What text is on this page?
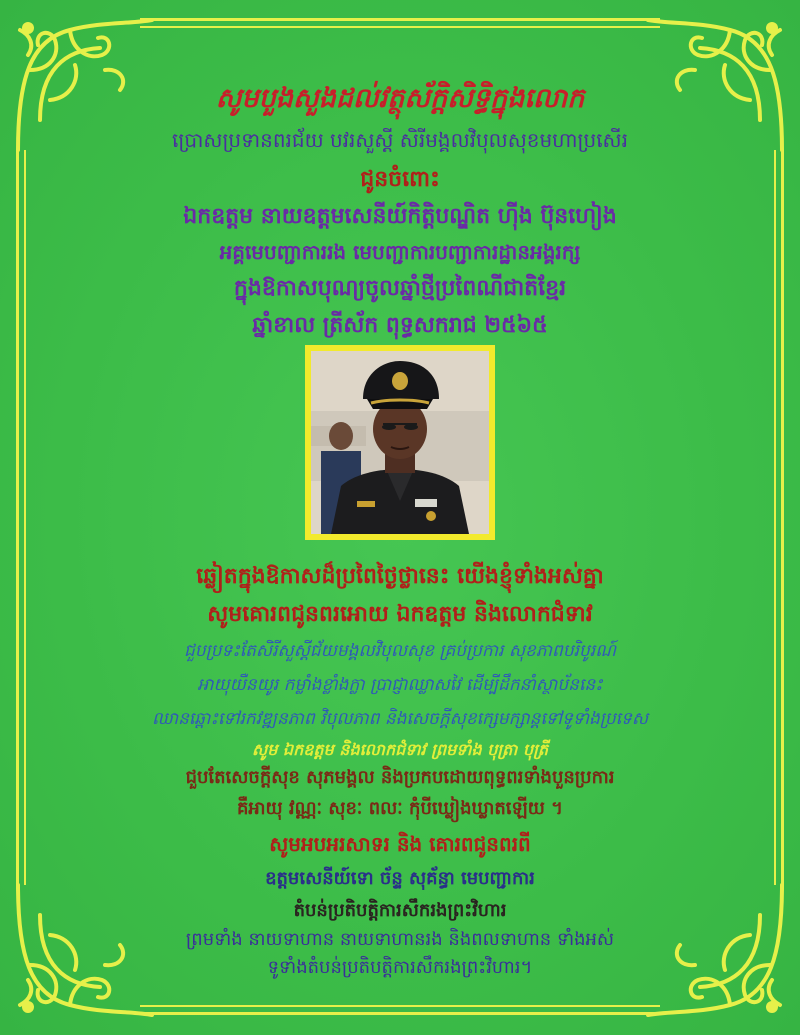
សូមបួងសួងដល់វត្ថុស័ក្តិសិទ្ធិក្នុងលោក
ប្រោសប្រទានពរជ័យ បវរសួស្តី សិរីមង្គលវិបុលសុខមហាប្រសើរ
ជូនចំពោះ
ឯកឧត្តម នាយឧត្តមសេនីយ៍កិត្តិបណ្ឌិត ហ៊ីង ប៊ុនហៀង
អគ្គមេបញ្ជាការរង មេបញ្ជាការបញ្ជាការដ្ឋានអង្គរក្ស
ក្នុងឱកាសបុណ្យចូលឆ្នាំថ្មីប្រពៃណីជាតិខ្មែរ
ឆ្នាំខាល ត្រីស័ក ពុទ្ធសករាជ ២៥៦៥
ឆ្លៀតក្នុងឱកាសដ៏ប្រពៃថ្ងៃថ្លានេះ យើងខ្ញុំទាំងអស់គ្នា
សូមគោរពជូនពរអោយ ឯកឧត្តម និងលោកជំទាវ
ជួបប្រទះតែសិរីសួស្តីជ័យមង្គលវិបុលសុខ គ្រប់ប្រការ សុខភាពបរិបូរណ៍
អាយុយឺនយូរ កម្លាំងខ្លាំងក្លា ប្រាជ្ញាឈ្លាសវៃ ដើម្បីដឹកនាំស្ថាប័ននេះ
ឈានឆ្ពោះទៅរកវឌ្ឍនភាព វិបុលភាព និងសេចក្តីសុខក្សេមក្សាន្តទៅទូទាំងប្រទេស
សូម ឯកឧត្តម និងលោកជំទាវ ព្រមទាំង បុត្រា បុត្រី
ជួបតែសេចក្តីសុខ សុភមង្គល និងប្រកបដោយពុទ្ធពរទាំងបួនប្រការ
គឺអាយុ វណ្ណៈ សុខៈ ពលៈ កុំបីឃ្លៀងឃ្លាតឡើយ ។
សូមអបអរសាទរ និង គោរពជូនពរពី
ឧត្តមសេនីយ៍ទោ ច័ន្ទ សុគ័ន្ធា មេបញ្ជាការ
តំបន់ប្រតិបត្តិការសឹករងព្រះវិហារ
ព្រមទាំង នាយទាហាន នាយទាហានរង និងពលទាហាន ទាំងអស់
ទូទាំងតំបន់ប្រតិបត្តិការសឹករងព្រះវិហារ។
